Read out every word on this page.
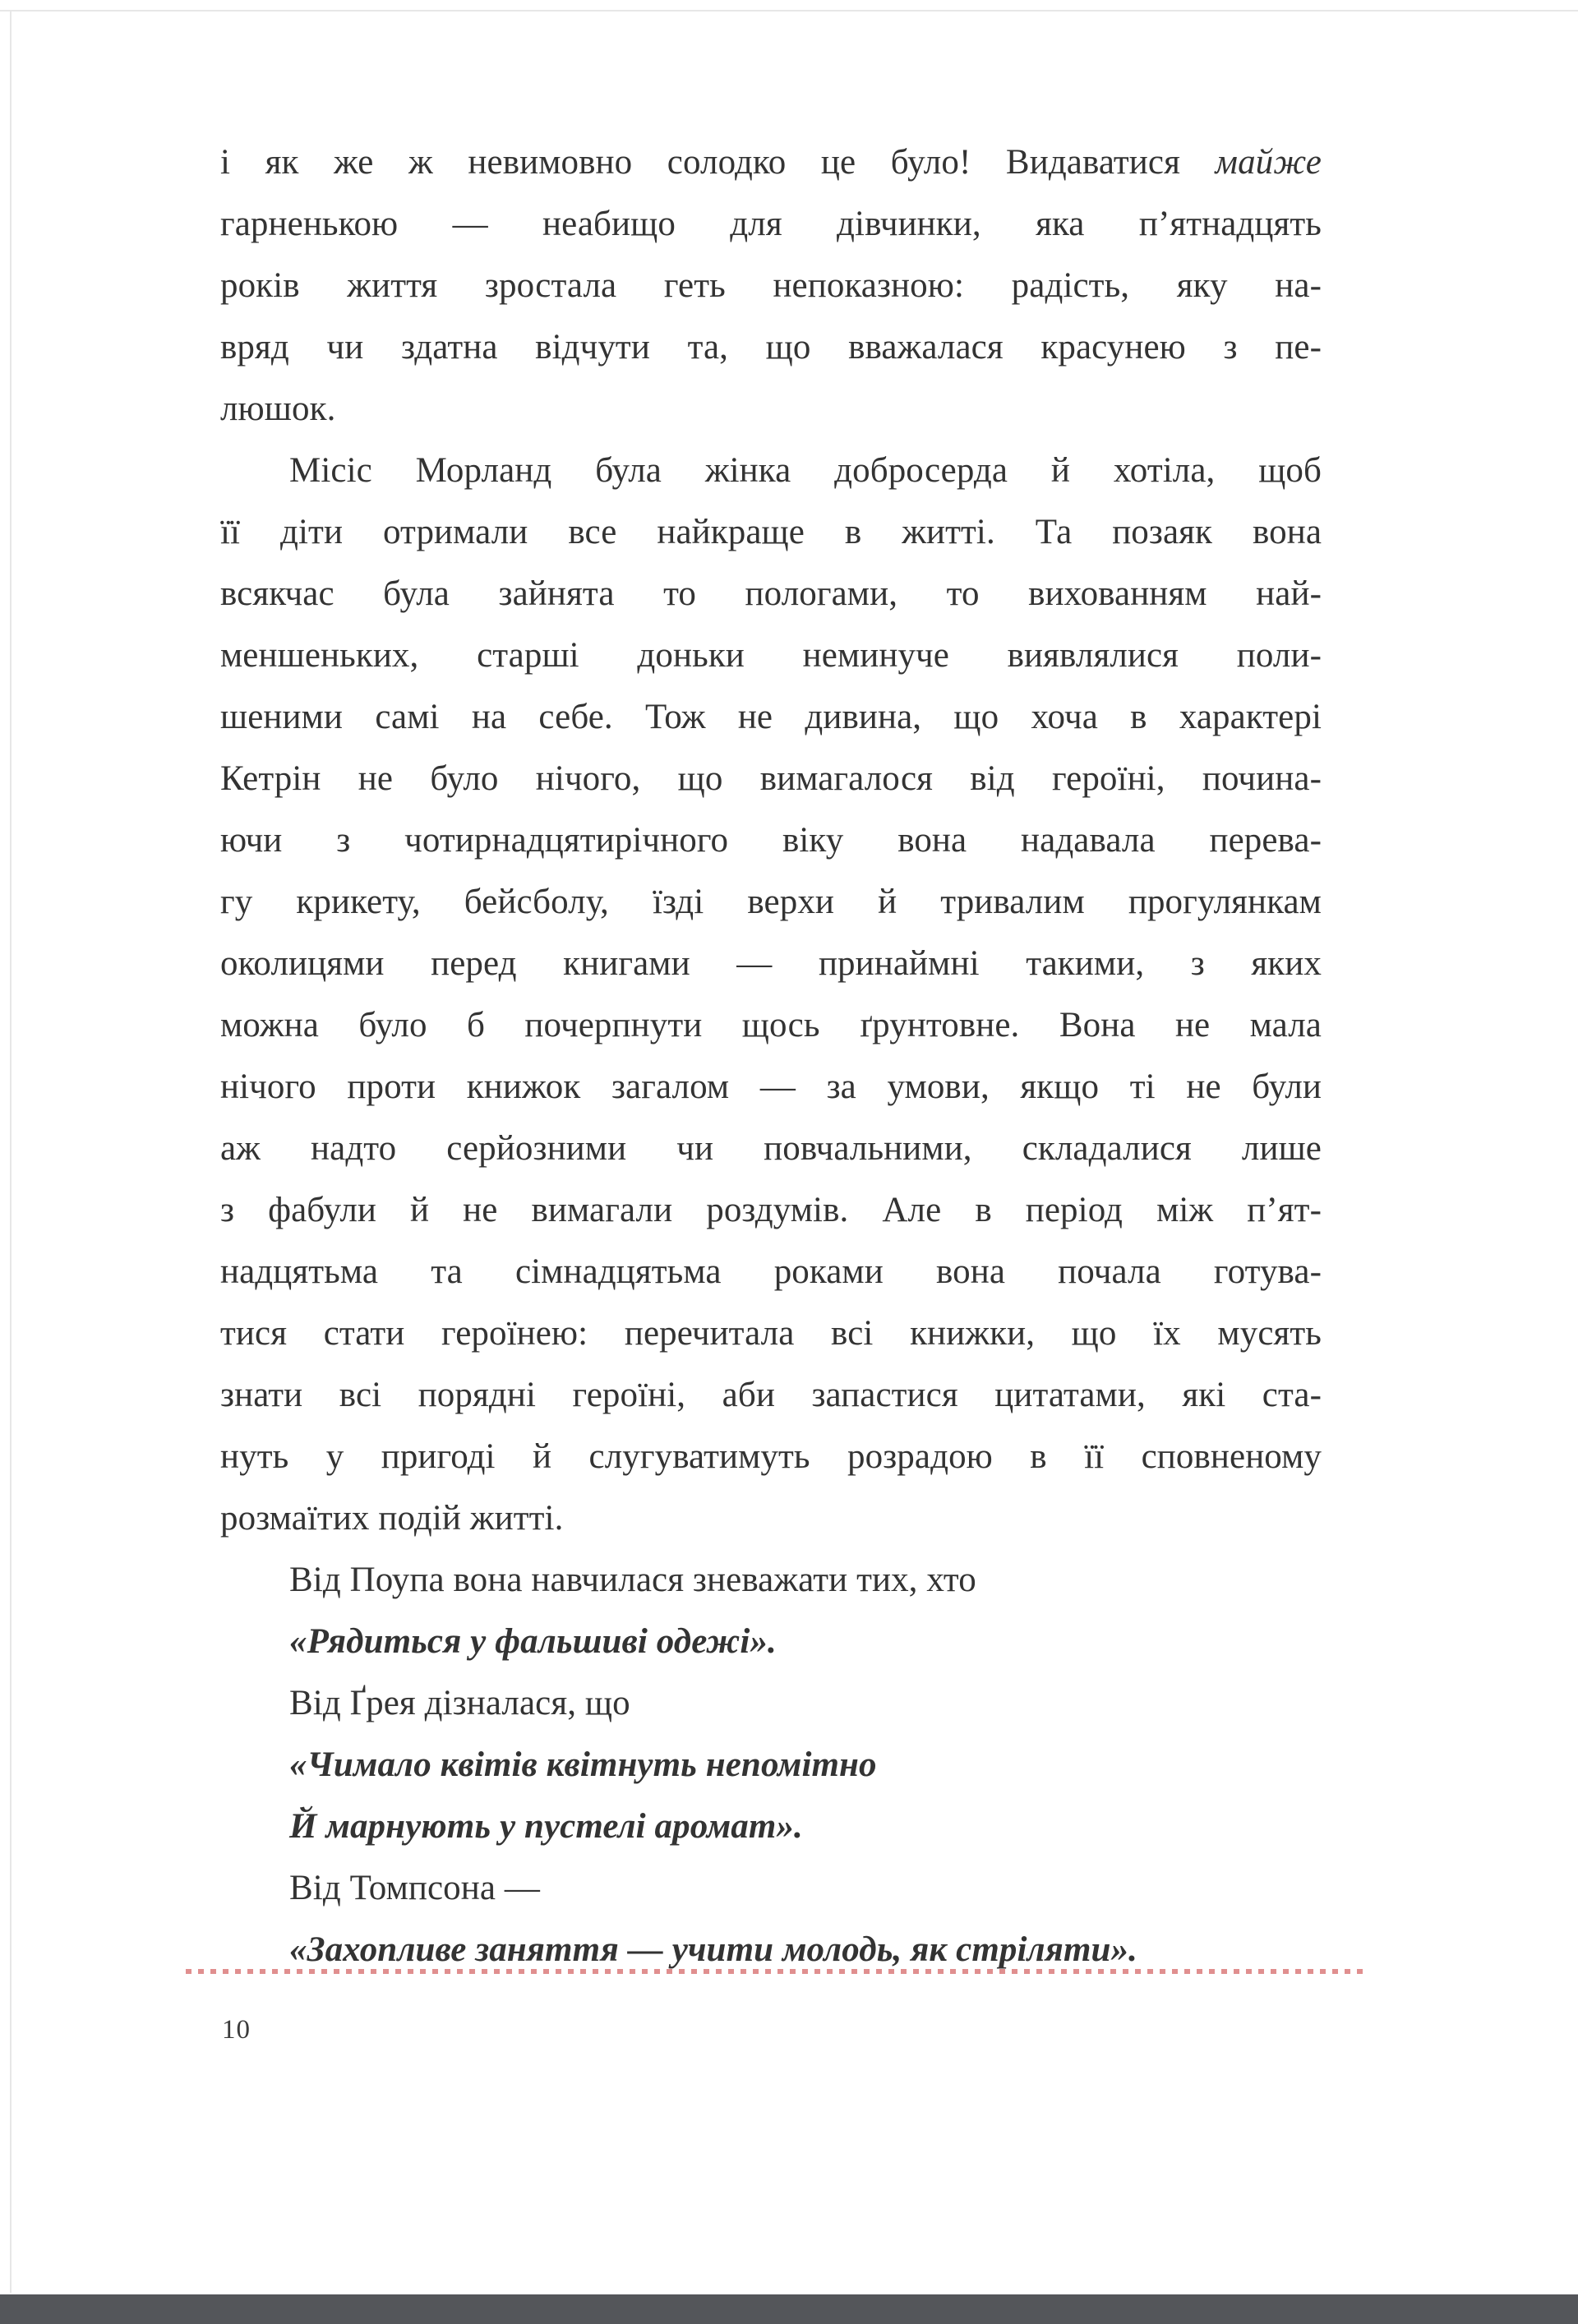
і як же ж невимовно солодко це було! Видаватися майже
гарненькою — неабищо для дівчинки, яка п’ятнадцять
років життя зростала геть непоказною: радість, яку на-
вряд чи здатна відчути та, що вважалася красунею з пе-
люшок.
Місіс Морланд була жінка добросерда й хотіла, щоб
її діти отримали все найкраще в житті. Та позаяк вона
всякчас була зайнята то пологами, то вихованням най-
меншеньких, старші доньки неминуче виявлялися поли-
шеними самі на себе. Тож не дивина, що хоча в характері
Кетрін не було нічого, що вимагалося від героїні, почина-
ючи з чотирнадцятирічного віку вона надавала перева-
гу крикету, бейсболу, їзді верхи й тривалим прогулянкам
околицями перед книгами — принаймні такими, з яких
можна було б почерпнути щось ґрунтовне. Вона не мала
нічого проти книжок загалом — за умови, якщо ті не були
аж надто серйозними чи повчальними, складалися лише
з фабули й не вимагали роздумів. Але в період між п’ят-
надцятьма та сімнадцятьма роками вона почала готува-
тися стати героїнею: перечитала всі книжки, що їх мусять
знати всі порядні героїні, аби запастися цитатами, які ста-
нуть у пригоді й слугуватимуть розрадою в її сповненому
розмаїтих подій житті.
Від Поупа вона навчилася зневажати тих, хто
«Рядиться у фальшиві одежі».
Від Ґрея дізналася, що
«Чимало квітів квітнуть непомітно
Й марнують у пустелі аромат».
Від Томпсона —
«Захопливе заняття — учити молодь, як стріляти».
10
